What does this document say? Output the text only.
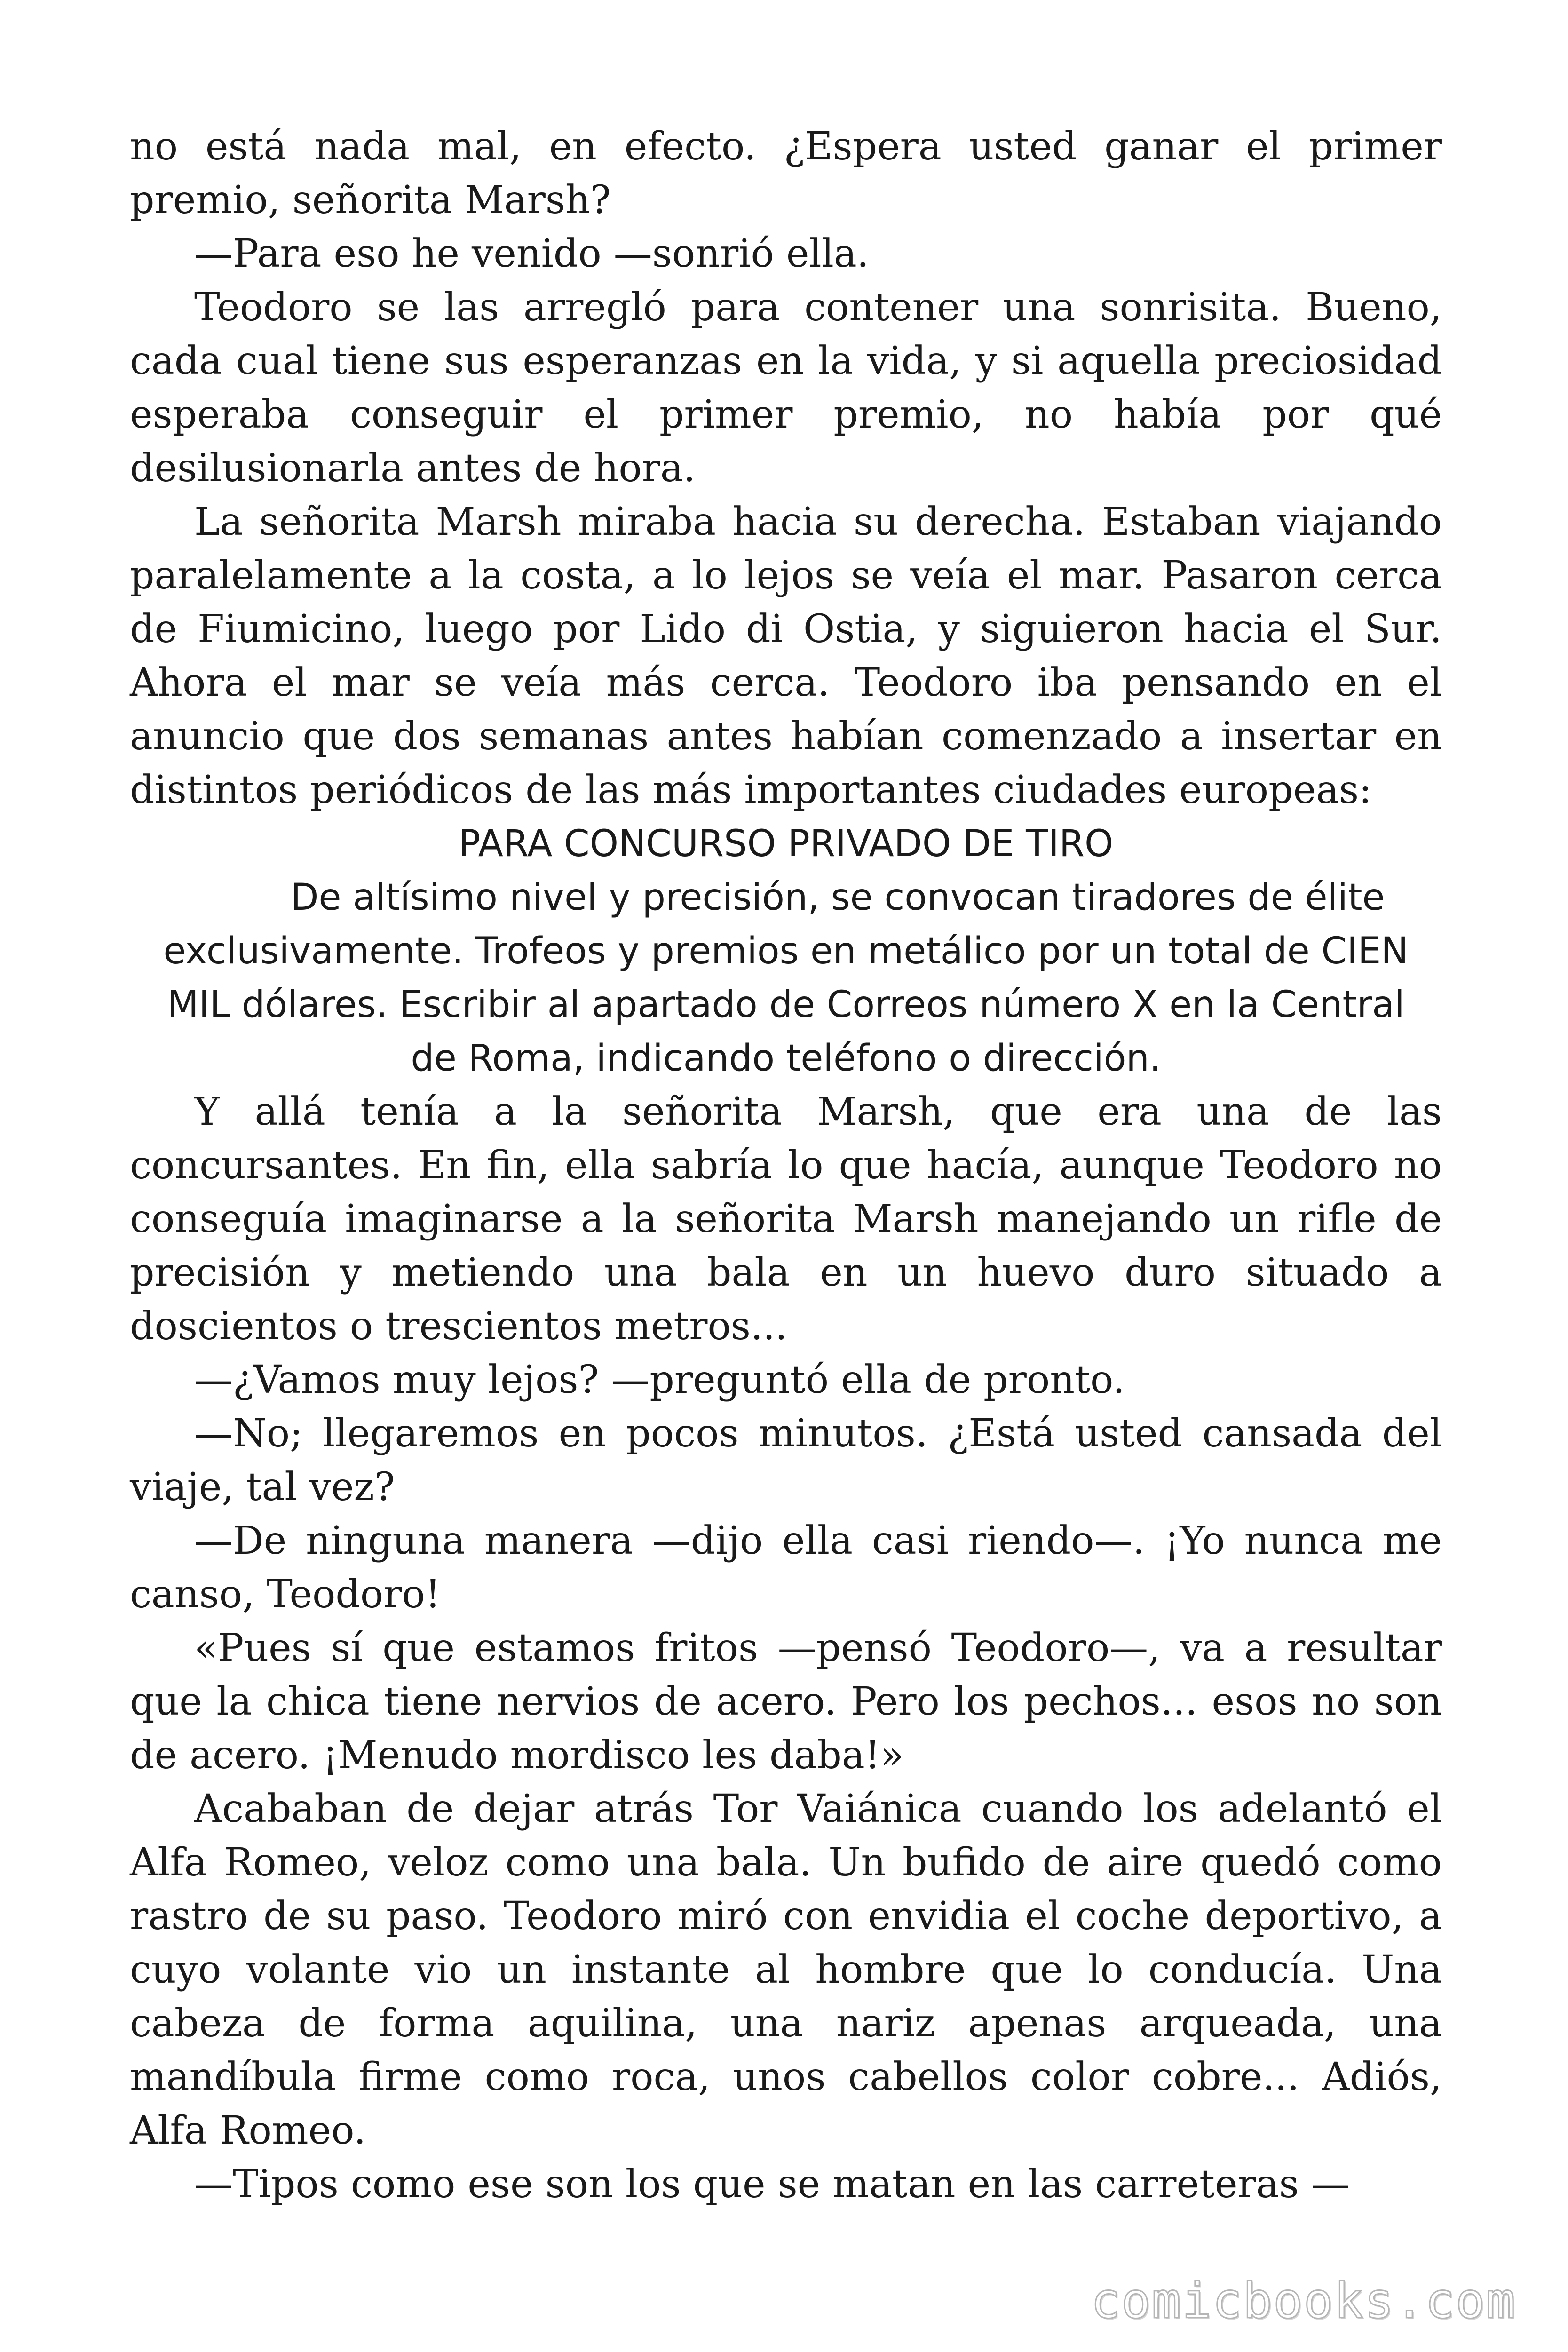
no está nada mal, en efecto. ¿Espera usted ganar el primer premio, señorita Marsh?

—Para eso he venido —sonrió ella.

Teodoro se las arregló para contener una sonrisita. Bueno, cada cual tiene sus esperanzas en la vida, y si aquella preciosidad esperaba conseguir el primer premio, no había por qué desilusionarla antes de hora.

La señorita Marsh miraba hacia su derecha. Estaban viajando paralelamente a la costa, a lo lejos se veía el mar. Pasaron cerca de Fiumicino, luego por Lido di Ostia, y siguieron hacia el Sur. Ahora el mar se veía más cerca. Teodoro iba pensando en el anuncio que dos semanas antes habían comenzado a insertar en distintos periódicos de las más importantes ciudades europeas:

PARA CONCURSO PRIVADO DE TIRO

De altísimo nivel y precisión, se convocan tiradores de élite exclusivamente. Trofeos y premios en metálico por un total de CIEN MIL dólares. Escribir al apartado de Correos número X en la Central de Roma, indicando teléfono o dirección.

Y allá tenía a la señorita Marsh, que era una de las concursantes. En fin, ella sabría lo que hacía, aunque Teodoro no conseguía imaginarse a la señorita Marsh manejando un rifle de precisión y metiendo una bala en un huevo duro situado a doscientos o trescientos metros...

—¿Vamos muy lejos? —preguntó ella de pronto.

—No; llegaremos en pocos minutos. ¿Está usted cansada del viaje, tal vez?

—De ninguna manera —dijo ella casi riendo—. ¡Yo nunca me canso, Teodoro!

«Pues sí que estamos fritos —pensó Teodoro—, va a resultar que la chica tiene nervios de acero. Pero los pechos... esos no son de acero. ¡Menudo mordisco les daba!»

Acababan de dejar atrás Tor Vaiánica cuando los adelantó el Alfa Romeo, veloz como una bala. Un bufido de aire quedó como rastro de su paso. Teodoro miró con envidia el coche deportivo, a cuyo volante vio un instante al hombre que lo conducía. Una cabeza de forma aquilina, una nariz apenas arqueada, una mandíbula firme como roca, unos cabellos color cobre... Adiós, Alfa Romeo.

—Tipos como ese son los que se matan en las carreteras —

comicbooks.com
